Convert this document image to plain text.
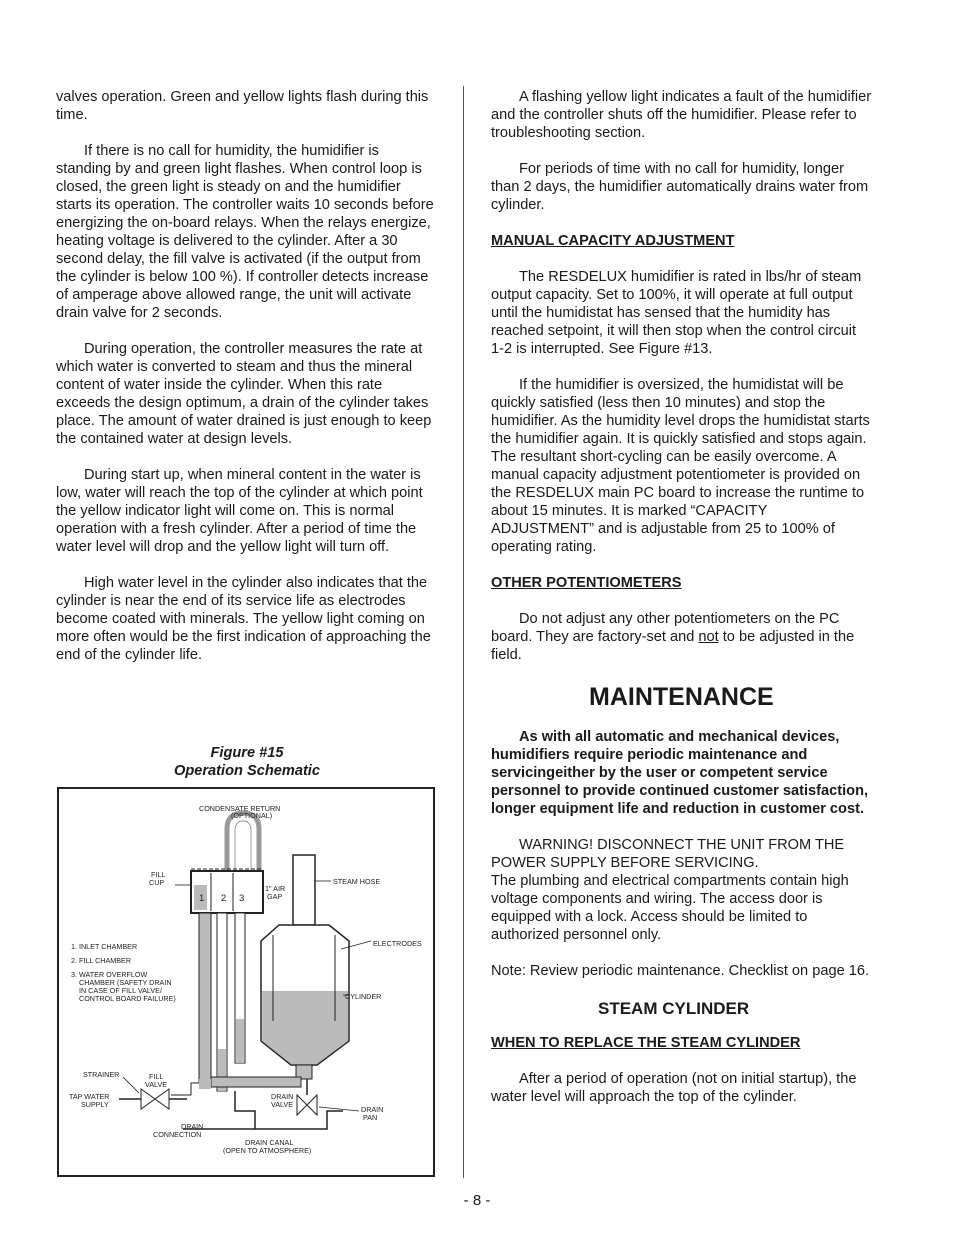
valves operation. Green and yellow lights flash during this time.

If there is no call for humidity, the humidifier is standing by and green light flashes. When control loop is closed, the green light is steady on and the humidifier starts its operation. The controller waits 10 seconds before energizing the on-board relays. When the relays energize, heating voltage is delivered to the cylinder. After a 30 second delay, the fill valve is activated (if the output from the cylinder is below 100 %). If controller detects increase of amperage above allowed range, the unit will activate drain valve for 2 seconds.

During operation, the controller measures the rate at which water is converted to steam and thus the mineral content of water inside the cylinder. When this rate exceeds the design optimum, a drain of the cylinder takes place. The amount of water drained is just enough to keep the contained water at design levels.

During start up, when mineral content in the water is low, water will reach the top of the cylinder at which point the yellow indicator light will come on. This is normal operation with a fresh cylinder. After a period of time the water level will drop and the yellow light will turn off.

High water level in the cylinder also indicates that the cylinder is near the end of its service life as electrodes become coated with minerals. The yellow light coming on more often would be the first indication of approaching the end of the cylinder life.

Figure #15
Operation Schematic
CONDENSATE RETURN
(OPTIONAL)
FILL
CUP
1 2 3
1" AIR
GAP
STEAM HOSE
ELECTRODES
1. INLET CHAMBER
2. FILL CHAMBER
3. WATER OVERFLOW
CHAMBER (SAFETY DRAIN
IN CASE OF FILL VALVE/
CONTROL BOARD FAILURE)	CYLINDER
STRAINER	FILL
VALVE
TAP WATER
SUPPLY
DRAIN
VALVE
DRAIN
PAN
DRAIN
CONNECTION
DRAIN CANAL
(OPEN TO ATMOSPHERE)

A flashing yellow light indicates a fault of the humidifier and the controller shuts off the humidifier. Please refer to troubleshooting section.

For periods of time with no call for humidity, longer than 2 days, the humidifier automatically drains water from cylinder.

MANUAL CAPACITY ADJUSTMENT

The RESDELUX humidifier is rated in lbs/hr of steam output capacity. Set to 100%, it will operate at full output until the humidistat has sensed that the humidity has reached setpoint, it will then stop when the control circuit 1-2 is interrupted. See Figure #13.

If the humidifier is oversized, the humidistat will be quickly satisfied (less then 10 minutes) and stop the humidifier. As the humidity level drops the humidistat starts the humidifier again. It is quickly satisfied and stops again. The resultant short-cycling can be easily overcome. A manual capacity adjustment potentiometer is provided on the RESDELUX main PC board to increase the runtime to about 15 minutes. It is marked “CAPACITY ADJUSTMENT” and is adjustable from 25 to 100% of operating rating.

OTHER POTENTIOMETERS

Do not adjust any other potentiometers on the PC board. They are factory-set and not to be adjusted in the field.

MAINTENANCE

As with all automatic and mechanical devices, humidifiers require periodic maintenance and servicingeither by the user or competent service personnel to provide continued customer satisfaction, longer equipment life and reduction in customer cost.

WARNING! DISCONNECT THE UNIT FROM THE POWER SUPPLY BEFORE SERVICING.
The plumbing and electrical compartments contain high voltage components and wiring. The access door is equipped with a lock. Access should be limited to authorized personnel only.

Note: Review periodic maintenance. Checklist on page 16.

STEAM CYLINDER
WHEN TO REPLACE THE STEAM CYLINDER

After a period of operation (not on initial startup), the water level will approach the top of the cylinder.

- 8 -
